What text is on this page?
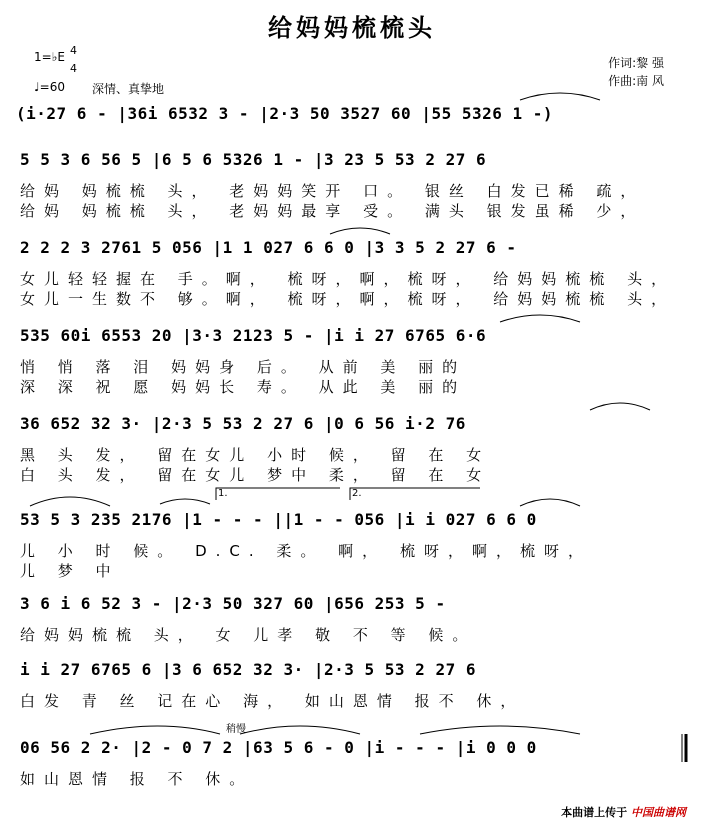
给妈妈梳梳头
1=♭E 4
4
♩=60 深情、真挚地
作词:黎 强
作曲:南 风
(i·27 6 - |36i 6532 3 - |2·3 50 3527 60 |55 5326 1 -)
5 5 3 6 56 5 |6 5 6 5326 1 - |3 23 5 53 2 27 6
给妈 妈梳梳 头， 老妈妈笑开 口。 银丝 白发已稀 疏，
给妈 妈梳梳 头， 老妈妈最享 受。 满头 银发虽稀 少，
2 2 2 3 2761 5 056 |1 1 027 6 6 0 |3 3 5 2 27 6 -
女儿轻轻握在 手。啊， 梳呀，啊，梳呀， 给妈妈梳梳 头，
女儿一生数不 够。啊， 梳呀，啊，梳呀， 给妈妈梳梳 头，
535 60i 6553 20 |3·3 2123 5 - |i i 27 6765 6·6
悄 悄 落 泪 妈妈身 后。 从前 美 丽的
深 深 祝 愿 妈妈长 寿。 从此 美 丽的
36 652 32 3· |2·3 5 53 2 27 6 |0 6 56 i·2 76
黑 头 发， 留在女儿 小时 候， 留 在 女
白 头 发， 留在女儿 梦中 柔， 留 在 女
1.	2.
53 5 3 235 2176 |1 - - - ||1 - - 056 |i i 027 6 6 0
儿 小 时 候。 D.C. 柔。 啊， 梳呀，啊，梳呀，
儿 梦 中
3 6 i 6 52 3 - |2·3 50 327 60 |656 253 5 -
给妈妈梳梳 头， 女 儿孝 敬 不 等 候。
i i 27 6765 6 |3 6 652 32 3· |2·3 5 53 2 27 6
白发 青 丝 记在心 海， 如山恩情 报不 休，
稍慢
06 56 2 2· |2 - 0 7 2 |63 5 6 - 0 |i - - - |i 0 0 0
如山恩情 报 不 休。
本曲谱上传于 中国曲谱网
